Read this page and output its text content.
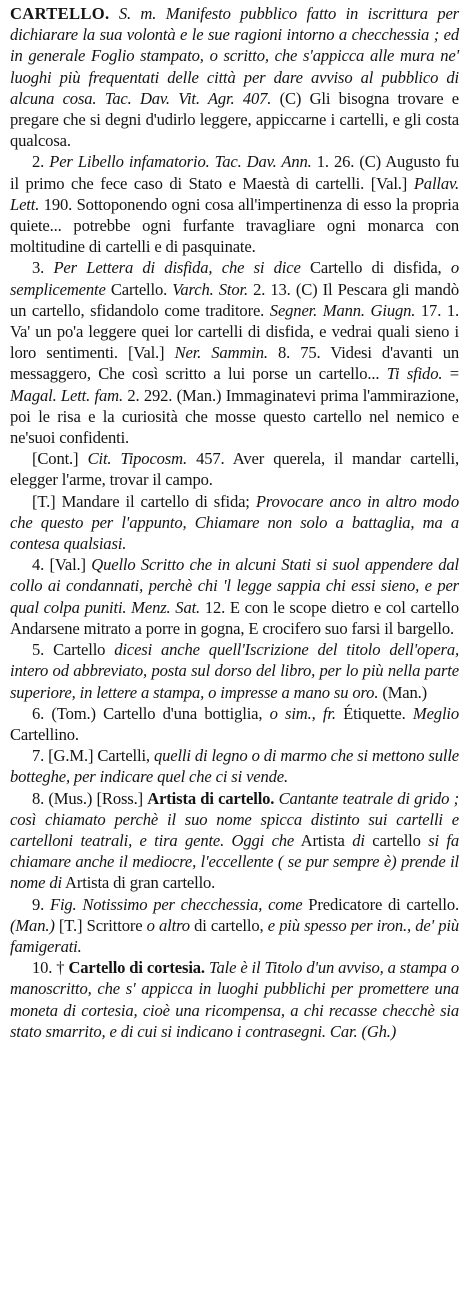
CARTELLO. S. m. Manifesto pubblico fatto in iscrittura per dichiarare la sua volontà e le sue ragioni intorno a checchessia ; ed in generale Foglio stampato, o scritto, che s'appicca alle mura ne' luoghi più frequentati delle città per dare avviso al pubblico di alcuna cosa. Tac. Dav. Vit. Agr. 407. (C) Gli bisogna trovare e pregare che si degni d'udirlo leggere, appiccarne i cartelli, e gli costa qualcosa.

2. Per Libello infamatorio. Tac. Dav. Ann. 1. 26. (C) Augusto fu il primo che fece caso di Stato e Maestà di cartelli. [Val.] Pallav. Lett. 190. Sottoponendo ogni cosa all'impertinenza di esso la propria quiete... potrebbe ogni furfante travagliare ogni monarca con moltitudine di cartelli e di pasquinate.

3. Per Lettera di disfida, che si dice Cartello di disfida, o semplicemente Cartello. Varch. Stor. 2. 13. (C) Il Pescara gli mandò un cartello, sfidandolo come traditore. Segner. Mann. Giugn. 17. 1. Va' un po'a leggere quei lor cartelli di disfida, e vedrai quali sieno i loro sentimenti. [Val.] Ner. Sammin. 8. 75. Videsi d'avanti un messaggero, Che così scritto a lui porse un cartello... Ti sfido. = Magal. Lett. fam. 2. 292. (Man.) Immaginatevi prima l'ammirazione, poi le risa e la curiosità che mosse questo cartello nel nemico e ne'suoi confidenti.

[Cont.] Cit. Tipocosm. 457. Aver querela, il mandar cartelli, elegger l'arme, trovar il campo.

[T.] Mandare il cartello di sfida; Provocare anco in altro modo che questo per l'appunto, Chiamare non solo a battaglia, ma a contesa qualsiasi.

4. [Val.] Quello Scritto che in alcuni Stati si suol appendere dal collo ai condannati, perchè chi 'l legge sappia chi essi sieno, e per qual colpa puniti. Menz. Sat. 12. E con le scope dietro e col cartello Andarsene mitrato a porre in gogna, E crocifero suo farsi il bargello.

5. Cartello dicesi anche quell'Iscrizione del titolo dell'opera, intero od abbreviato, posta sul dorso del libro, per lo più nella parte superiore, in lettere a stampa, o impresse a mano su oro. (Man.)

6. (Tom.) Cartello d'una bottiglia, o sim., fr. Étiquette. Meglio Cartellino.

7. [G.M.] Cartelli, quelli di legno o di marmo che si mettono sulle botteghe, per indicare quel che ci si vende.

8. (Mus.) [Ross.] Artista di cartello. Cantante teatrale di grido ; così chiamato perchè il suo nome spicca distinto sui cartelli e cartelloni teatrali, e tira gente. Oggi che Artista di cartello si fa chiamare anche il mediocre, l'eccellente ( se pur sempre è) prende il nome di Artista di gran cartello.

9. Fig. Notissimo per checchessia, come Predicatore di cartello. (Man.) [T.] Scrittore o altro di cartello, e più spesso per iron., de' più famigerati.

10. † Cartello di cortesia. Tale è il Titolo d'un avviso, a stampa o manoscritto, che s' appicca in luoghi pubblichi per promettere una moneta di cortesia, cioè una ricompensa, a chi recasse checchè sia stato smarrito, e di cui si indicano i contrasegni. Car. (Gh.)
